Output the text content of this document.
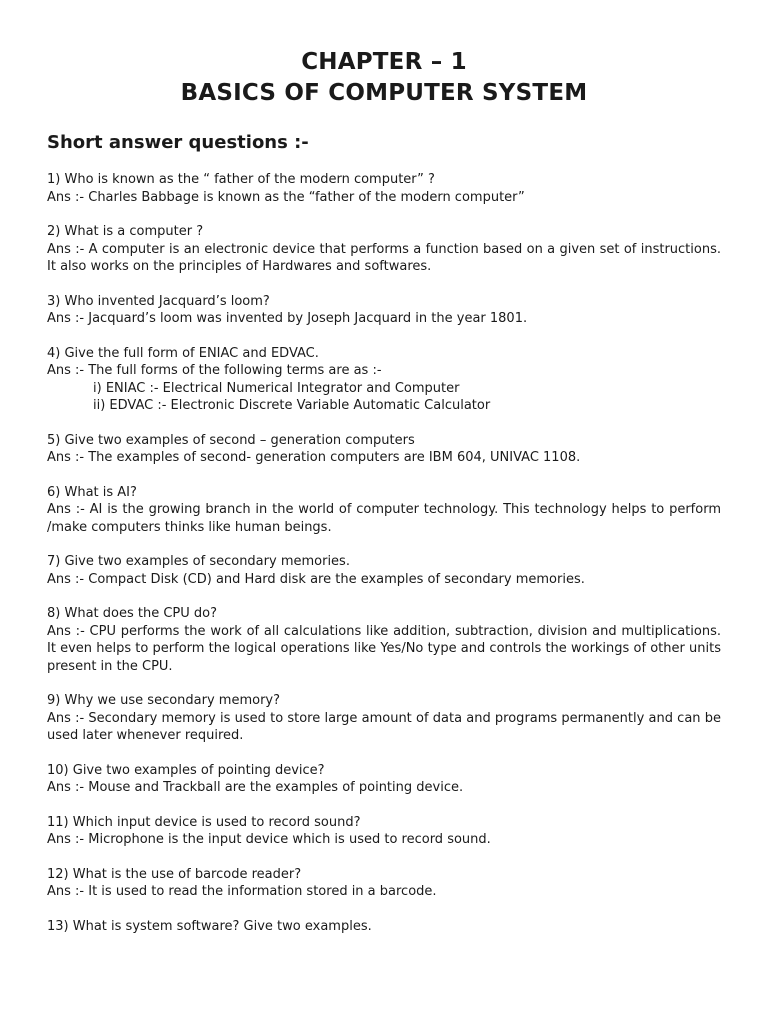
CHAPTER – 1
BASICS OF COMPUTER SYSTEM
Short answer questions :-
1) Who is known as the “ father of the modern computer” ?
Ans :- Charles Babbage is known as the “father of the modern computer”
2) What is a computer ?
Ans :- A computer is an electronic device that performs a function based on a given set of instructions. It also works on the principles of Hardwares and softwares.
3) Who invented Jacquard’s loom?
Ans :- Jacquard’s loom was invented by Joseph Jacquard in the year 1801.
4) Give the full form of ENIAC and EDVAC.
Ans :- The full forms of the following terms are as :-
i) ENIAC :- Electrical Numerical Integrator and Computer
ii) EDVAC :- Electronic Discrete Variable Automatic Calculator
5) Give two examples of second – generation computers
Ans :- The examples of second- generation computers are IBM 604, UNIVAC 1108.
6) What is AI?
Ans :- AI is the growing branch in the world of computer technology. This technology helps to perform /make computers thinks like human beings.
7) Give two examples of secondary memories.
Ans :- Compact Disk (CD) and Hard disk are the examples of secondary memories.
8) What does the CPU do?
Ans :- CPU performs the work of all calculations like addition, subtraction, division and multiplications. It even helps to perform the logical operations like Yes/No type and controls the workings of other units present in the CPU.
9) Why we use secondary memory?
Ans :- Secondary memory is used to store large amount of data and programs permanently and can be used later whenever required.
10) Give two examples of pointing device?
Ans :- Mouse and Trackball are the examples of pointing device.
11) Which input device is used to record sound?
Ans :- Microphone is the input device which is used to record sound.
12) What is the use of barcode reader?
Ans :- It is used to read the information stored in a barcode.
13) What is system software? Give two examples.
